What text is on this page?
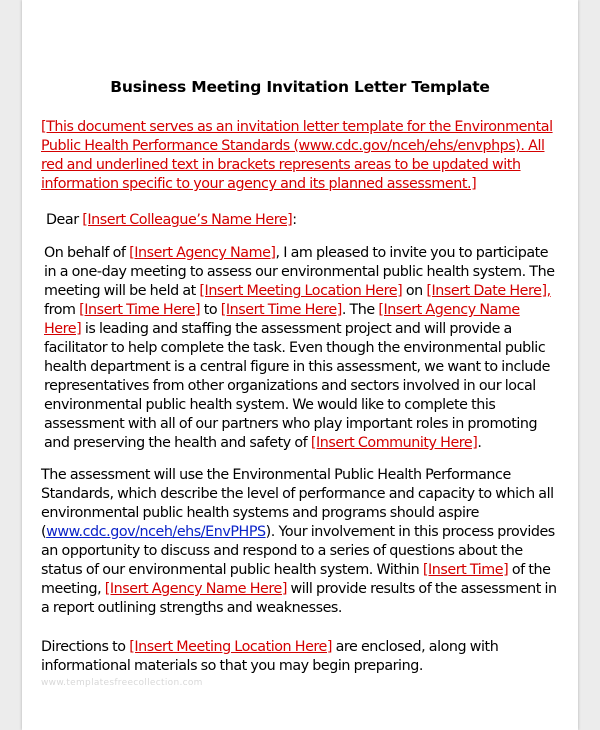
Business Meeting Invitation Letter Template
[This document serves as an invitation letter template for the Environmental
Public Health Performance Standards (www.cdc.gov/nceh/ehs/envphps). All
red and underlined text in brackets represents areas to be updated with
information specific to your agency and its planned assessment.]
Dear [Insert Colleague’s Name Here]:
On behalf of [Insert Agency Name], I am pleased to invite you to participate
in a one-day meeting to assess our environmental public health system. The
meeting will be held at [Insert Meeting Location Here] on [Insert Date Here],
from [Insert Time Here] to [Insert Time Here]. The [Insert Agency Name
Here] is leading and staffing the assessment project and will provide a
facilitator to help complete the task. Even though the environmental public
health department is a central figure in this assessment, we want to include
representatives from other organizations and sectors involved in our local
environmental public health system. We would like to complete this
assessment with all of our partners who play important roles in promoting
and preserving the health and safety of [Insert Community Here].
The assessment will use the Environmental Public Health Performance
Standards, which describe the level of performance and capacity to which all
environmental public health systems and programs should aspire
(www.cdc.gov/nceh/ehs/EnvPHPS). Your involvement in this process provides
an opportunity to discuss and respond to a series of questions about the
status of our environmental public health system. Within [Insert Time] of the
meeting, [Insert Agency Name Here] will provide results of the assessment in
a report outlining strengths and weaknesses.
Directions to [Insert Meeting Location Here] are enclosed, along with
informational materials so that you may begin preparing.
www.templatesfreecollection.com
